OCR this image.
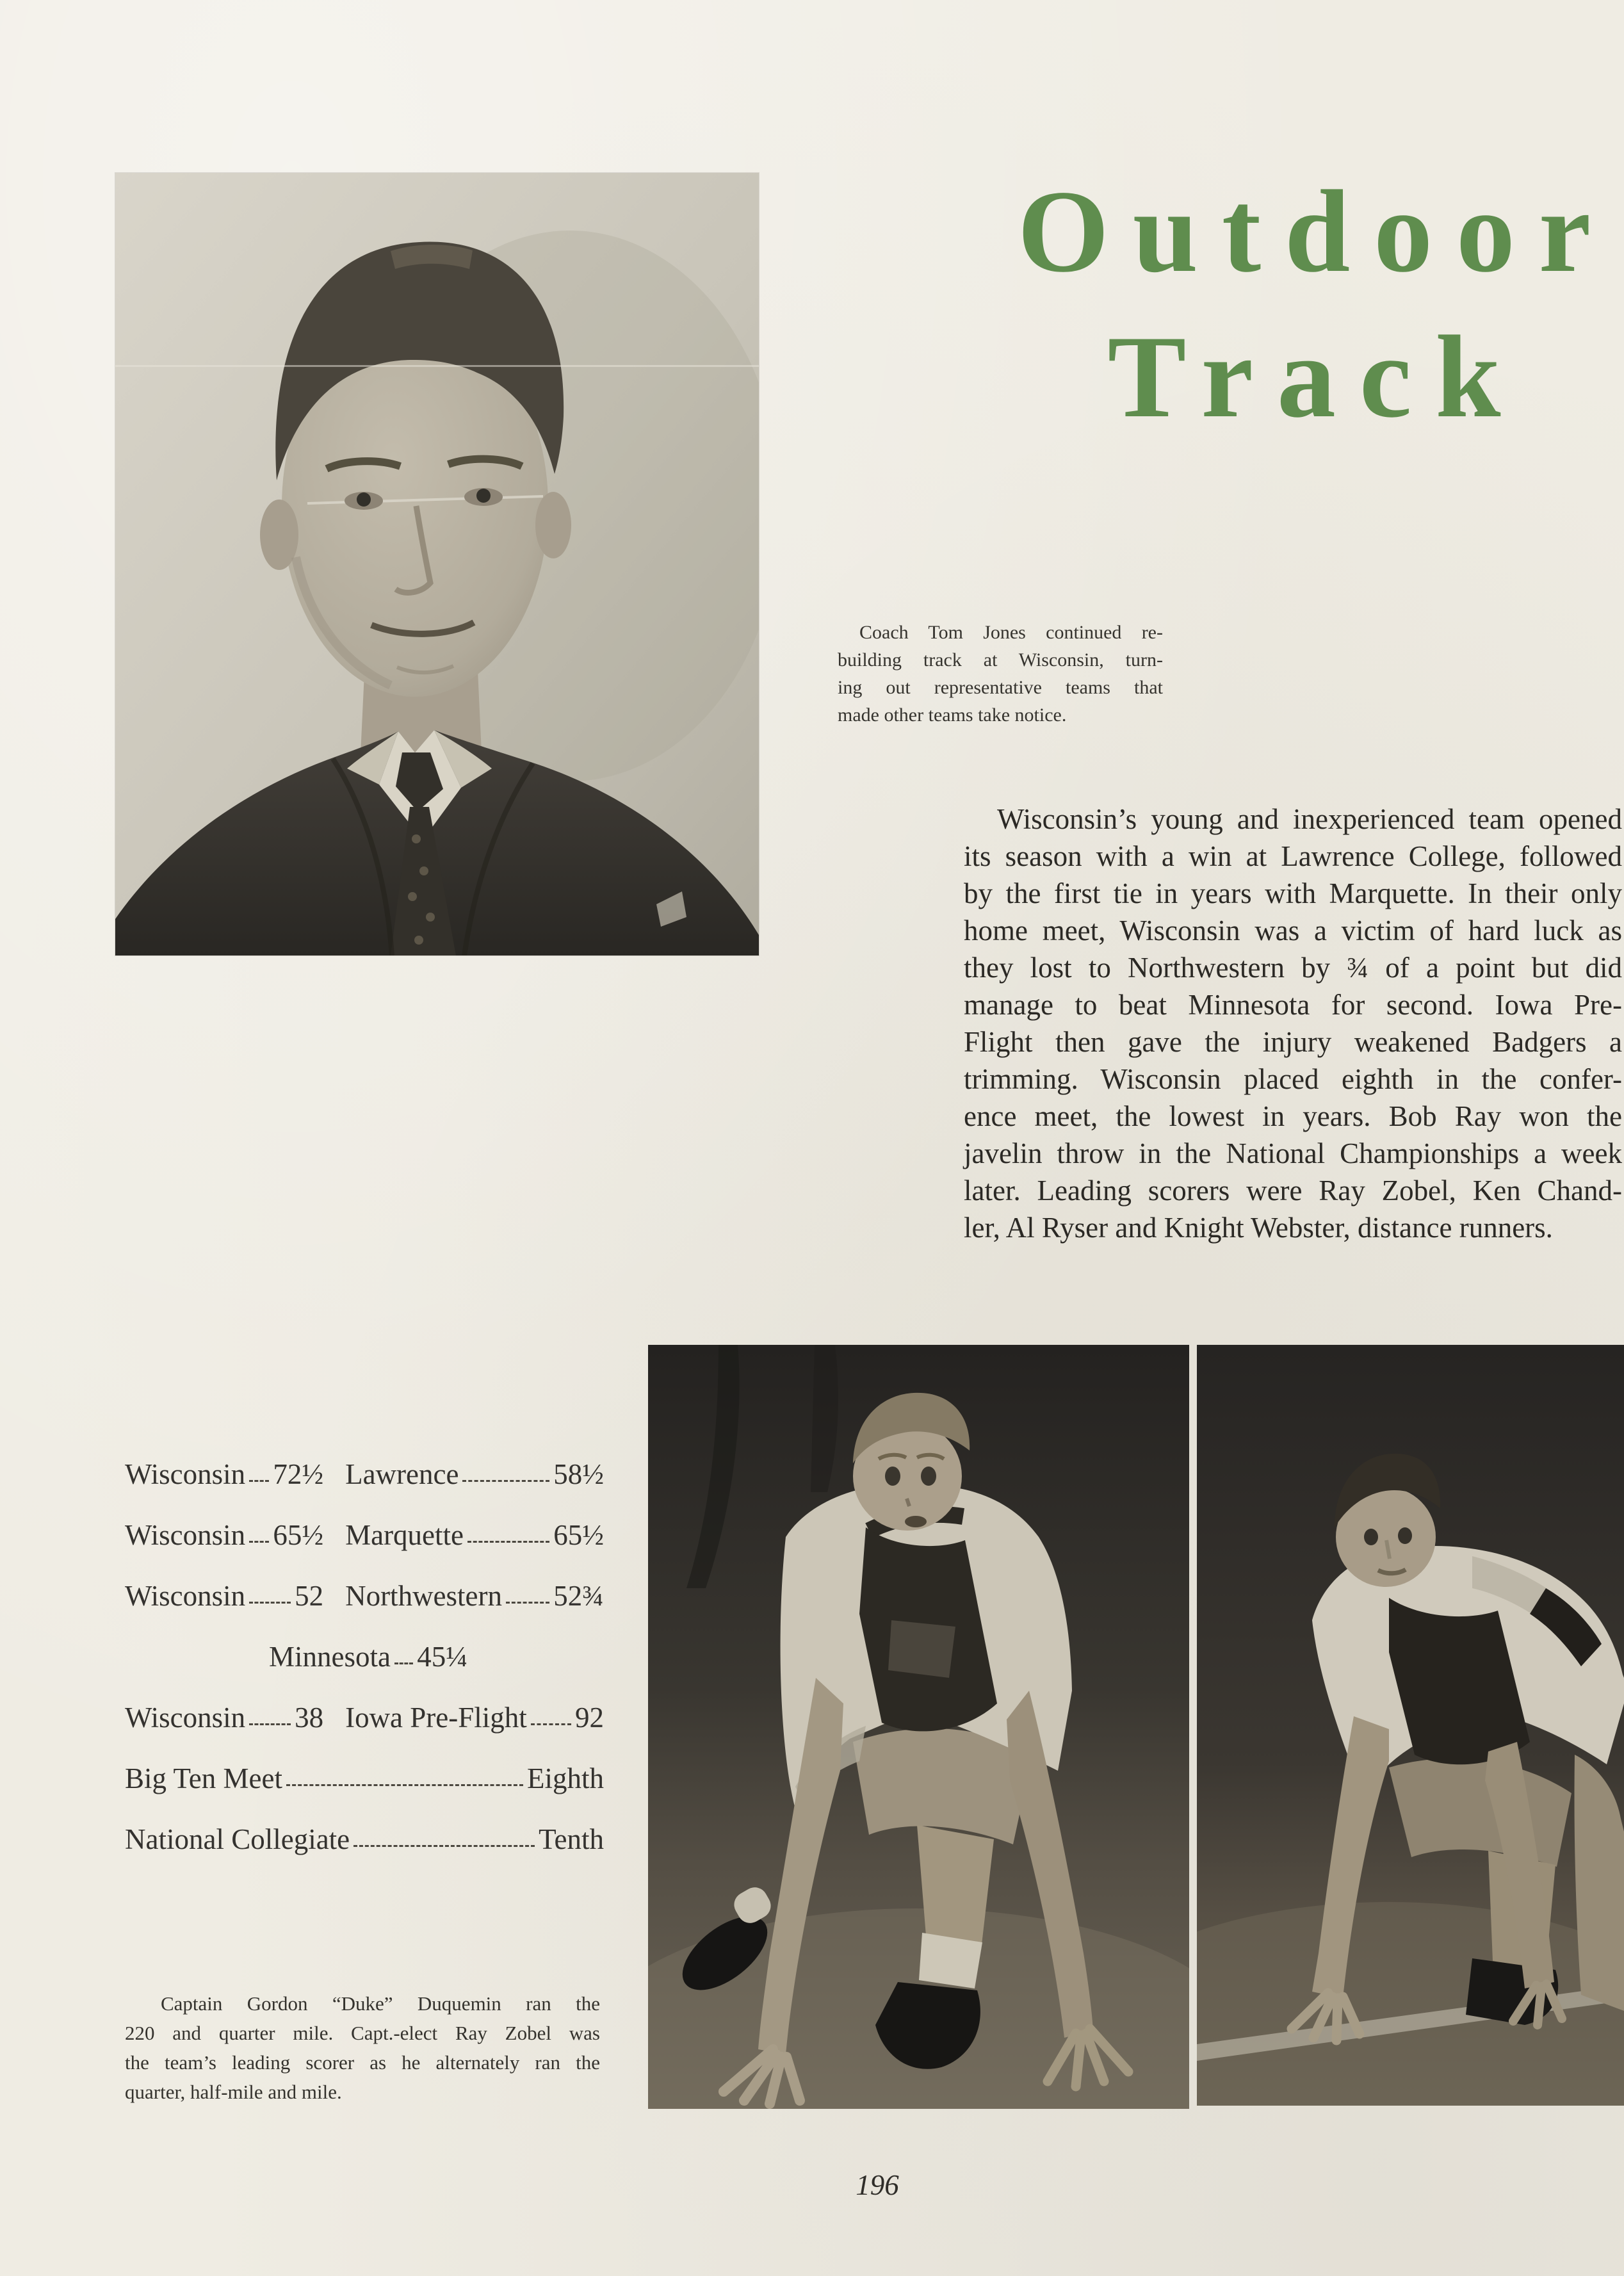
Outdoor
Track
Coach Tom Jones continued re-
building track at Wisconsin, turn-
ing out representative teams that
made other teams take notice.
Wisconsin’s young and inexperienced team opened
its season with a win at Lawrence College, followed
by the first tie in years with Marquette. In their only
home meet, Wisconsin was a victim of hard luck as
they lost to Northwestern by ¾ of a point but did
manage to beat Minnesota for second. Iowa Pre-
Flight then gave the injury weakened Badgers a
trimming. Wisconsin placed eighth in the confer-
ence meet, the lowest in years. Bob Ray won the
javelin throw in the National Championships a week
later. Leading scorers were Ray Zobel, Ken Chand-
ler, Al Ryser and Knight Webster, distance runners.
Wisconsin 72½ Lawrence	58½
Wisconsin 65½ Marquette	65½
Wisconsin 52 Northwestern 52¾
Minnesota 45¼
Wisconsin 38 Iowa Pre-Flight 92
Big Ten Meet	Eighth
National Collegiate	Tenth
Captain Gordon “Duke” Duquemin ran the
220 and quarter mile. Capt.-elect Ray Zobel was
the team’s leading scorer as he alternately ran the
quarter, half-mile and mile.
196
